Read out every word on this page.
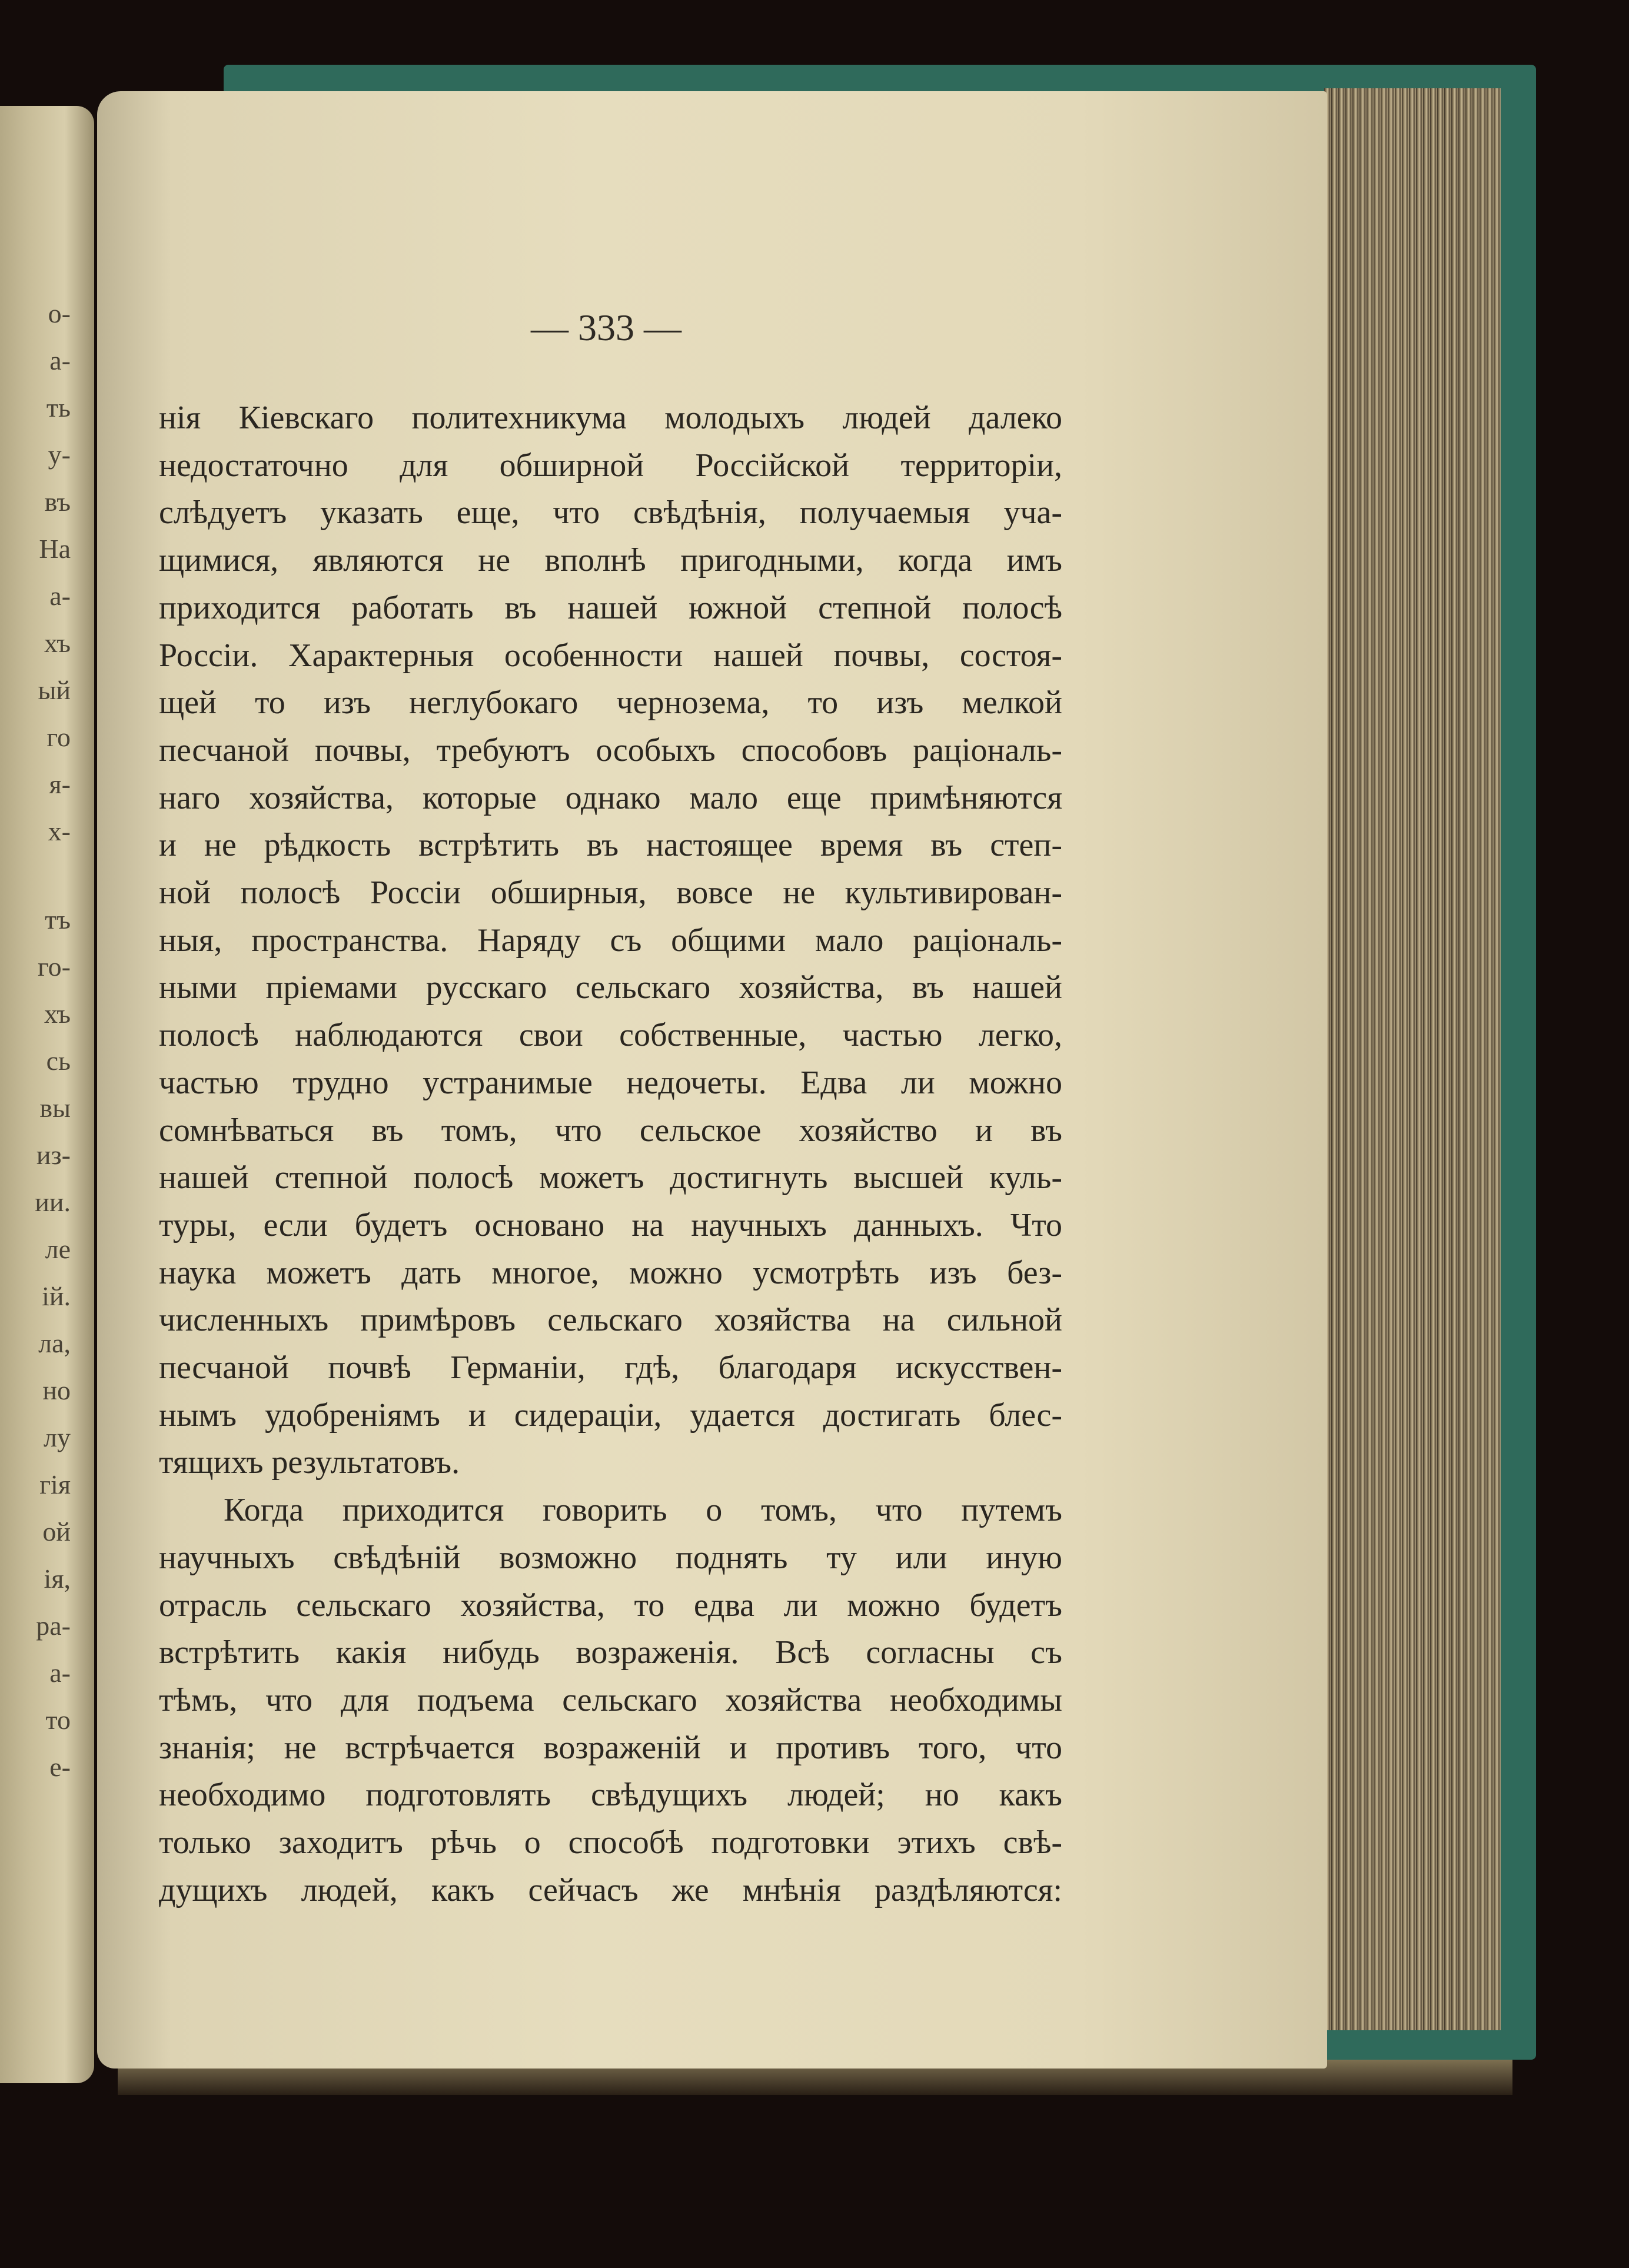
о-
а-
ть
у-
въ
На
а-
хъ
ый
го
я-
х-
тъ
го-
хъ
сь
вы
из-
ии.
ле
ій.
ла,
но
лу
гія
ой
ія,
ра-
а-
то
е-
— 333 —
нія Кіевскаго политехникума молодыхъ людей далеко
недостаточно для обширной Россійской территоріи,
слѣдуетъ указать еще, что свѣдѣнія, получаемыя уча-
щимися, являются не вполнѣ пригодными, когда имъ
приходится работать въ нашей южной степной полосѣ
Россіи. Характерныя особенности нашей почвы, состоя-
щей то изъ неглубокаго чернозема, то изъ мелкой
песчаной почвы, требуютъ особыхъ способовъ раціональ-
наго хозяйства, которые однако мало еще примѣняются
и не рѣдкость встрѣтить въ настоящее время въ степ-
ной полосѣ Россіи обширныя, вовсе не культивирован-
ныя, пространства. Наряду съ общими мало раціональ-
ными пріемами русскаго сельскаго хозяйства, въ нашей
полосѣ наблюдаются свои собственные, частью легко,
частью трудно устранимые недочеты. Едва ли можно
сомнѣваться въ томъ, что сельское хозяйство и въ
нашей степной полосѣ можетъ достигнуть высшей куль-
туры, если будетъ основано на научныхъ данныхъ. Что
наука можетъ дать многое, можно усмотрѣть изъ без-
численныхъ примѣровъ сельскаго хозяйства на сильной
песчаной почвѣ Германіи, гдѣ, благодаря искусствен-
нымъ удобреніямъ и сидераціи, удается достигать блес-
тящихъ результатовъ.
Когда приходится говорить о томъ, что путемъ
научныхъ свѣдѣній возможно поднять ту или иную
отрасль сельскаго хозяйства, то едва ли можно будетъ
встрѣтить какія нибудь возраженія. Всѣ согласны съ
тѣмъ, что для подъема сельскаго хозяйства необходимы
знанія; не встрѣчается возраженій и противъ того, что
необходимо подготовлять свѣдущихъ людей; но какъ
только заходитъ рѣчь о способѣ подготовки этихъ свѣ-
дущихъ людей, какъ сейчасъ же мнѣнія раздѣляются:
